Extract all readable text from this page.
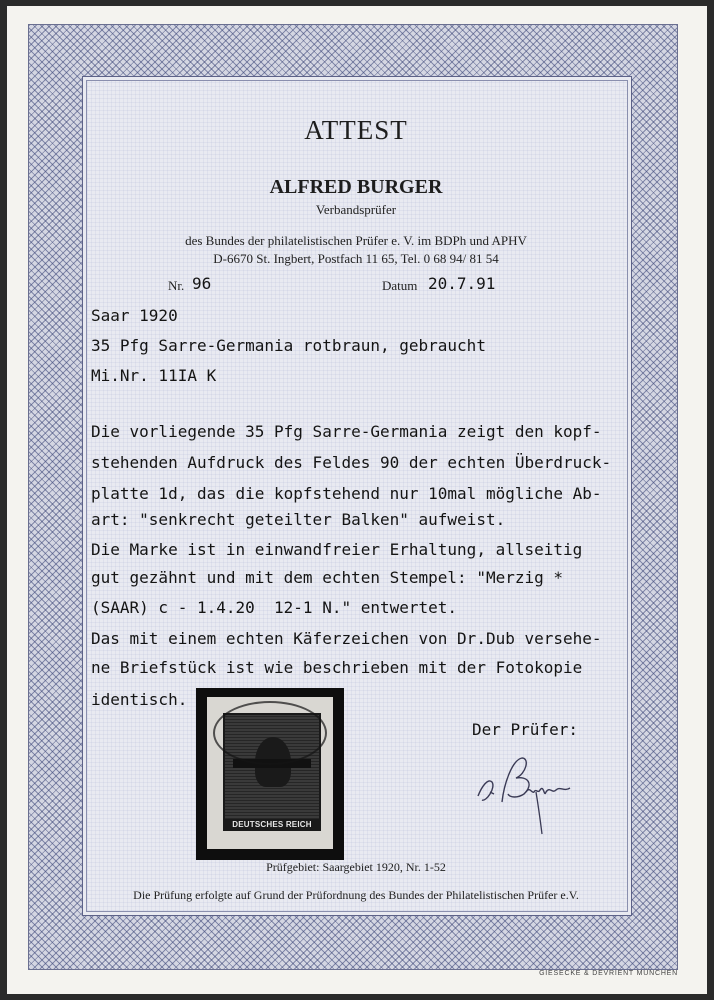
ATTEST
ALFRED BURGER
Verbandsprüfer
des Bundes der philatelistischen Prüfer e. V. im BDPh und APHV
D-6670 St. Ingbert, Postfach 11 65, Tel. 0 68 94/ 81 54
Nr. 96	Datum 20.7.91
Saar 1920
35 Pfg Sarre-Germania rotbraun, gebraucht
Mi.Nr. 11IA K
Die vorliegende 35 Pfg Sarre-Germania zeigt den kopf-
stehenden Aufdruck des Feldes 90 der echten Überdruck-
platte 1d, das die kopfstehend nur 10mal mögliche Ab-
art: "senkrecht geteilter Balken" aufweist.
Die Marke ist in einwandfreier Erhaltung, allseitig
gut gezähnt und mit dem echten Stempel: "Merzig *
(SAAR) c - 1.4.20  12-1 N." entwertet.
Das mit einem echten Käferzeichen von Dr.Dub versehe-
ne Briefstück ist wie beschrieben mit der Fotokopie
identisch.
DEUTSCHES REICH
Der Prüfer:
Prüfgebiet: Saargebiet 1920, Nr. 1-52
Die Prüfung erfolgte auf Grund der Prüfordnung des Bundes der Philatelistischen Prüfer e.V.
GIESECKE & DEVRIENT MÜNCHEN
